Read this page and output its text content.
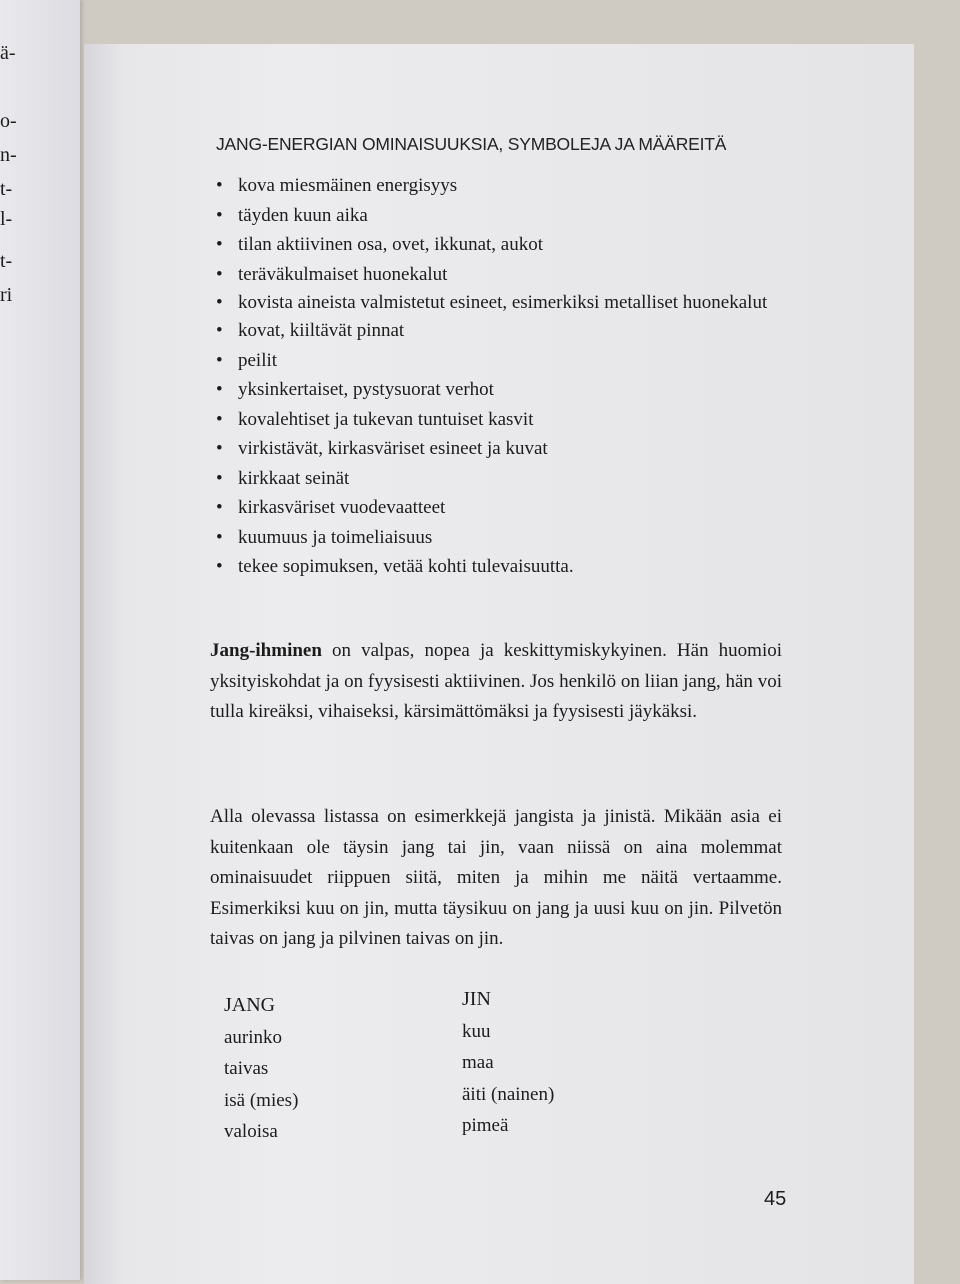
ä-
o-
n-
t-
l-
t-
ri
JANG-ENERGIAN OMINAISUUKSIA, SYMBOLEJA JA MÄÄREITÄ
• kova miesmäinen energisyys
• täyden kuun aika
• tilan aktiivinen osa, ovet, ikkunat, aukot
• teräväkulmaiset huonekalut
• kovista aineista valmistetut esineet, esimerkiksi metalliset huonekalut
• kovat, kiiltävät pinnat
• peilit
• yksinkertaiset, pystysuorat verhot
• kovalehtiset ja tukevan tuntuiset kasvit
• virkistävät, kirkasväriset esineet ja kuvat
• kirkkaat seinät
• kirkasväriset vuodevaatteet
• kuumuus ja toimeliaisuus
• tekee sopimuksen, vetää kohti tulevaisuutta.

Jang-ihminen on valpas, nopea ja keskittymiskykyinen. Hän huomioi yksityiskohdat ja on fyysisesti aktiivinen. Jos henkilö on liian jang, hän voi tulla kireäksi, vihaiseksi, kärsimättömäksi ja fyysisesti jäykäksi.

Alla olevassa listassa on esimerkkejä jangista ja jinistä. Mikään asia ei kuitenkaan ole täysin jang tai jin, vaan niissä on aina molemmat ominaisuudet riippuen siitä, miten ja mihin me näitä vertaamme. Esimerkiksi kuu on jin, mutta täysikuu on jang ja uusi kuu on jin. Pilvetön taivas on jang ja pilvinen taivas on jin.

JANG
aurinko
taivas
isä (mies)
valoisa
JIN
kuu
maa
äiti (nainen)
pimeä
45
